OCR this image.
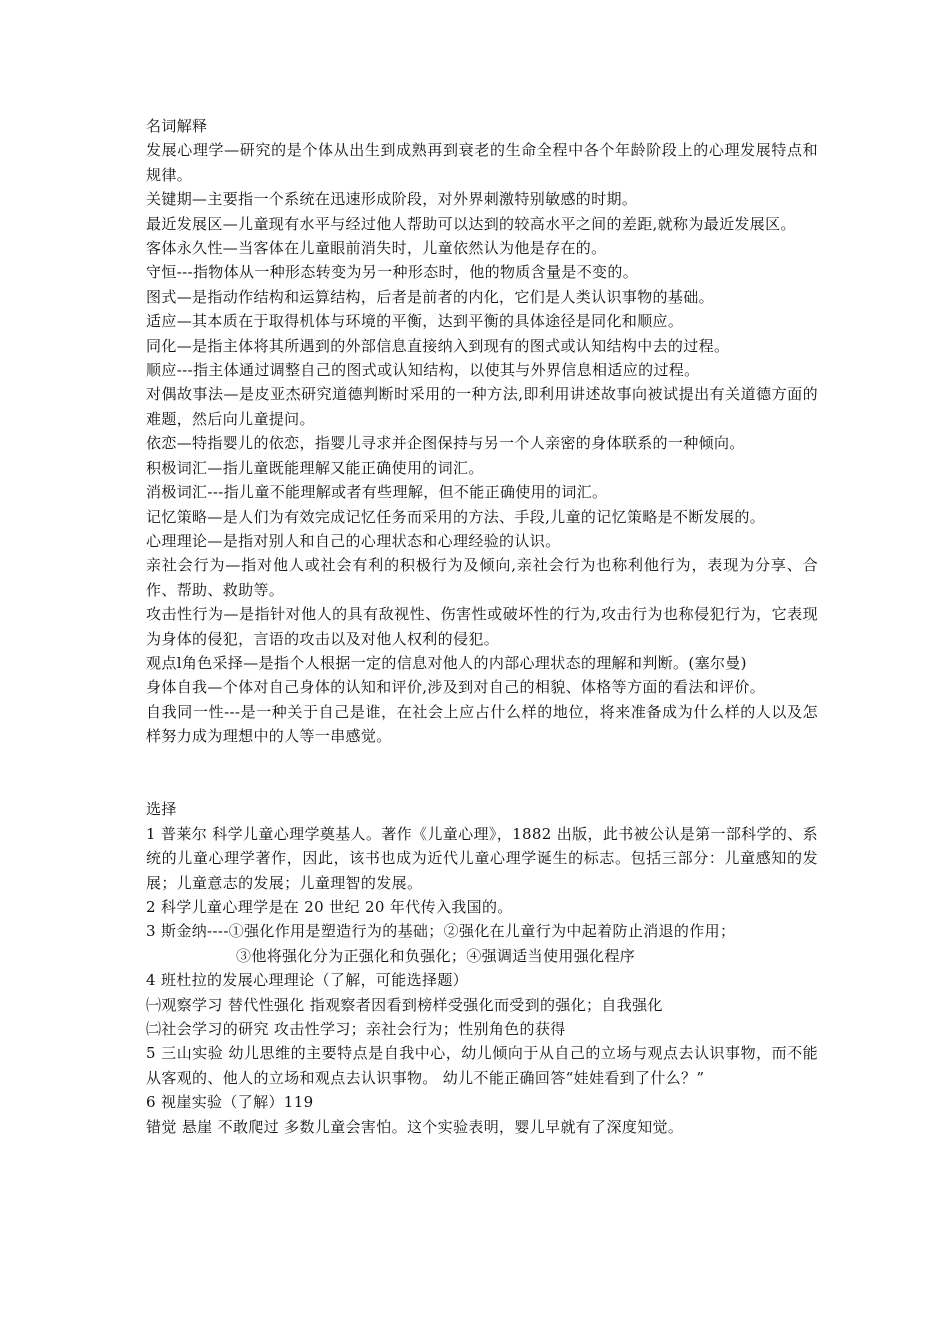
名词解释

发展心理学—研究的是个体从出生到成熟再到衰老的生命全程中各个年龄阶段上的心理发展特点和规律。

关键期—主要指一个系统在迅速形成阶段，对外界刺激特别敏感的时期。

最近发展区—儿童现有水平与经过他人帮助可以达到的较高水平之间的差距,就称为最近发展区。

客体永久性—当客体在儿童眼前消失时，儿童依然认为他是存在的。

守恒---指物体从一种形态转变为另一种形态时，他的物质含量是不变的。

图式—是指动作结构和运算结构，后者是前者的内化，它们是人类认识事物的基础。

适应—其本质在于取得机体与环境的平衡，达到平衡的具体途径是同化和顺应。

同化—是指主体将其所遇到的外部信息直接纳入到现有的图式或认知结构中去的过程。

顺应---指主体通过调整自己的图式或认知结构，以使其与外界信息相适应的过程。

对偶故事法—是皮亚杰研究道德判断时采用的一种方法,即利用讲述故事向被试提出有关道德方面的难题，然后向儿童提问。

依恋—特指婴儿的依恋，指婴儿寻求并企图保持与另一个人亲密的身体联系的一种倾向。

积极词汇—指儿童既能理解又能正确使用的词汇。

消极词汇---指儿童不能理解或者有些理解，但不能正确使用的词汇。

记忆策略—是人们为有效完成记忆任务而采用的方法、手段,儿童的记忆策略是不断发展的。

心理理论—是指对别人和自己的心理状态和心理经验的认识。

亲社会行为—指对他人或社会有利的积极行为及倾向,亲社会行为也称利他行为，表现为分享、合作、帮助、救助等。

攻击性行为—是指针对他人的具有敌视性、伤害性或破坏性的行为,攻击行为也称侵犯行为，它表现为身体的侵犯，言语的攻击以及对他人权利的侵犯。

观点l角色采择—是指个人根据一定的信息对他人的内部心理状态的理解和判断。(塞尔曼)

身体自我—个体对自己身体的认知和评价,涉及到对自己的相貌、体格等方面的看法和评价。

自我同一性---是一种关于自己是谁，在社会上应占什么样的地位，将来准备成为什么样的人以及怎样努力成为理想中的人等一串感觉。

选择

1 普莱尔 科学儿童心理学奠基人。著作《儿童心理》，1882 出版，此书被公认是第一部科学的、系统的儿童心理学著作，因此，该书也成为近代儿童心理学诞生的标志。包括三部分：儿童感知的发展；儿童意志的发展；儿童理智的发展。

2 科学儿童心理学是在 20 世纪 20 年代传入我国的。

3 斯金纳----①强化作用是塑造行为的基础；②强化在儿童行为中起着防止消退的作用；

③他将强化分为正强化和负强化；④强调适当使用强化程序

4 班杜拉的发展心理理论（了解，可能选择题）

㈠观察学习 替代性强化 指观察者因看到榜样受强化而受到的强化；自我强化

㈡社会学习的研究 攻击性学习；亲社会行为；性别角色的获得

5 三山实验 幼儿思维的主要特点是自我中心，幼儿倾向于从自己的立场与观点去认识事物，而不能从客观的、他人的立场和观点去认识事物。 幼儿不能正确回答“娃娃看到了什么？”

6 视崖实验（了解）119

错觉 悬崖 不敢爬过 多数儿童会害怕。这个实验表明，婴儿早就有了深度知觉。
